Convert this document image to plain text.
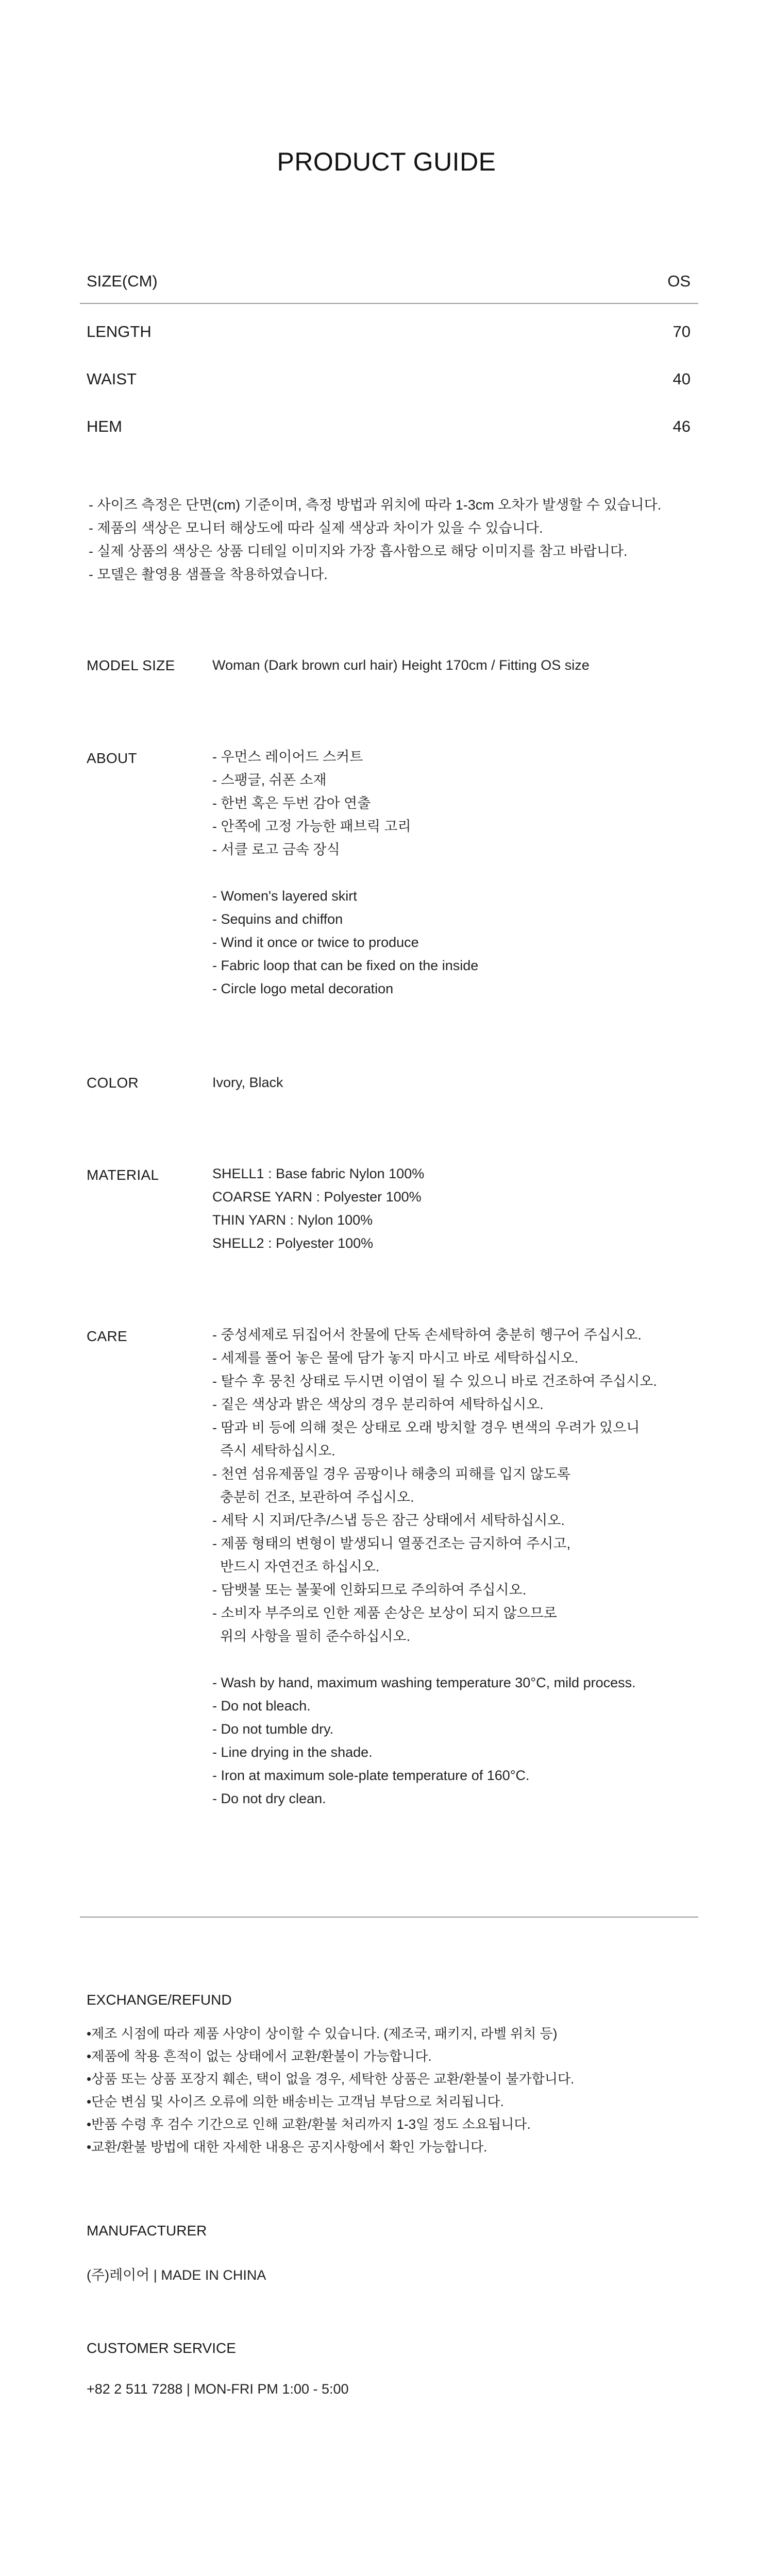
PRODUCT GUIDE
SIZE(CM)	OS
LENGTH	70
WAIST	40
HEM	46
- 사이즈 측정은 단면(cm) 기준이며, 측정 방법과 위치에 따라 1-3cm 오차가 발생할 수 있습니다.
- 제품의 색상은 모니터 해상도에 따라 실제 색상과 차이가 있을 수 있습니다.
- 실제 상품의 색상은 상품 디테일 이미지와 가장 흡사함으로 해당 이미지를 참고 바랍니다.
- 모델은 촬영용 샘플을 착용하였습니다.
MODEL SIZE	Woman (Dark brown curl hair) Height 170cm / Fitting OS size
ABOUT	- 우먼스 레이어드 스커트
- 스팽글, 쉬폰 소재
- 한번 혹은 두번 감아 연출
- 안쪽에 고정 가능한 패브릭 고리
- 서클 로고 금속 장식
- Women's layered skirt
- Sequins and chiffon
- Wind it once or twice to produce
- Fabric loop that can be fixed on the inside
- Circle logo metal decoration
COLOR	Ivory, Black
MATERIAL	SHELL1 : Base fabric Nylon 100%
COARSE YARN : Polyester 100%
THIN YARN : Nylon 100%
SHELL2 : Polyester 100%
CARE	- 중성세제로 뒤집어서 찬물에 단독 손세탁하여 충분히 헹구어 주십시오.
- 세제를 풀어 놓은 물에 담가 놓지 마시고 바로 세탁하십시오.
- 탈수 후 뭉친 상태로 두시면 이염이 될 수 있으니 바로 건조하여 주십시오.
- 짙은 색상과 밝은 색상의 경우 분리하여 세탁하십시오.
- 땀과 비 등에 의해 젖은 상태로 오래 방치할 경우 변색의 우려가 있으니
즉시 세탁하십시오.
- 천연 섬유제품일 경우 곰팡이나 해충의 피해를 입지 않도록
충분히 건조, 보관하여 주십시오.
- 세탁 시 지퍼/단추/스냅 등은 잠근 상태에서 세탁하십시오.
- 제품 형태의 변형이 발생되니 열풍건조는 금지하여 주시고,
반드시 자연건조 하십시오.
- 담뱃불 또는 불꽃에 인화되므로 주의하여 주십시오.
- 소비자 부주의로 인한 제품 손상은 보상이 되지 않으므로
위의 사항을 필히 준수하십시오.
- Wash by hand, maximum washing temperature 30°C, mild process.
- Do not bleach.
- Do not tumble dry.
- Line drying in the shade.
- Iron at maximum sole-plate temperature of 160°C.
- Do not dry clean.
EXCHANGE/REFUND
•제조 시점에 따라 제품 사양이 상이할 수 있습니다. (제조국, 패키지, 라벨 위치 등)
•제품에 착용 흔적이 없는 상태에서 교환/환불이 가능합니다.
•상품 또는 상품 포장지 훼손, 택이 없을 경우, 세탁한 상품은 교환/환불이 불가합니다.
•단순 변심 및 사이즈 오류에 의한 배송비는 고객님 부담으로 처리됩니다.
•반품 수령 후 검수 기간으로 인해 교환/환불 처리까지 1-3일 정도 소요됩니다.
•교환/환불 방법에 대한 자세한 내용은 공지사항에서 확인 가능합니다.
MANUFACTURER
(주)레이어 | MADE IN CHINA
CUSTOMER SERVICE
+82 2 511 7288 | MON-FRI PM 1:00 - 5:00
